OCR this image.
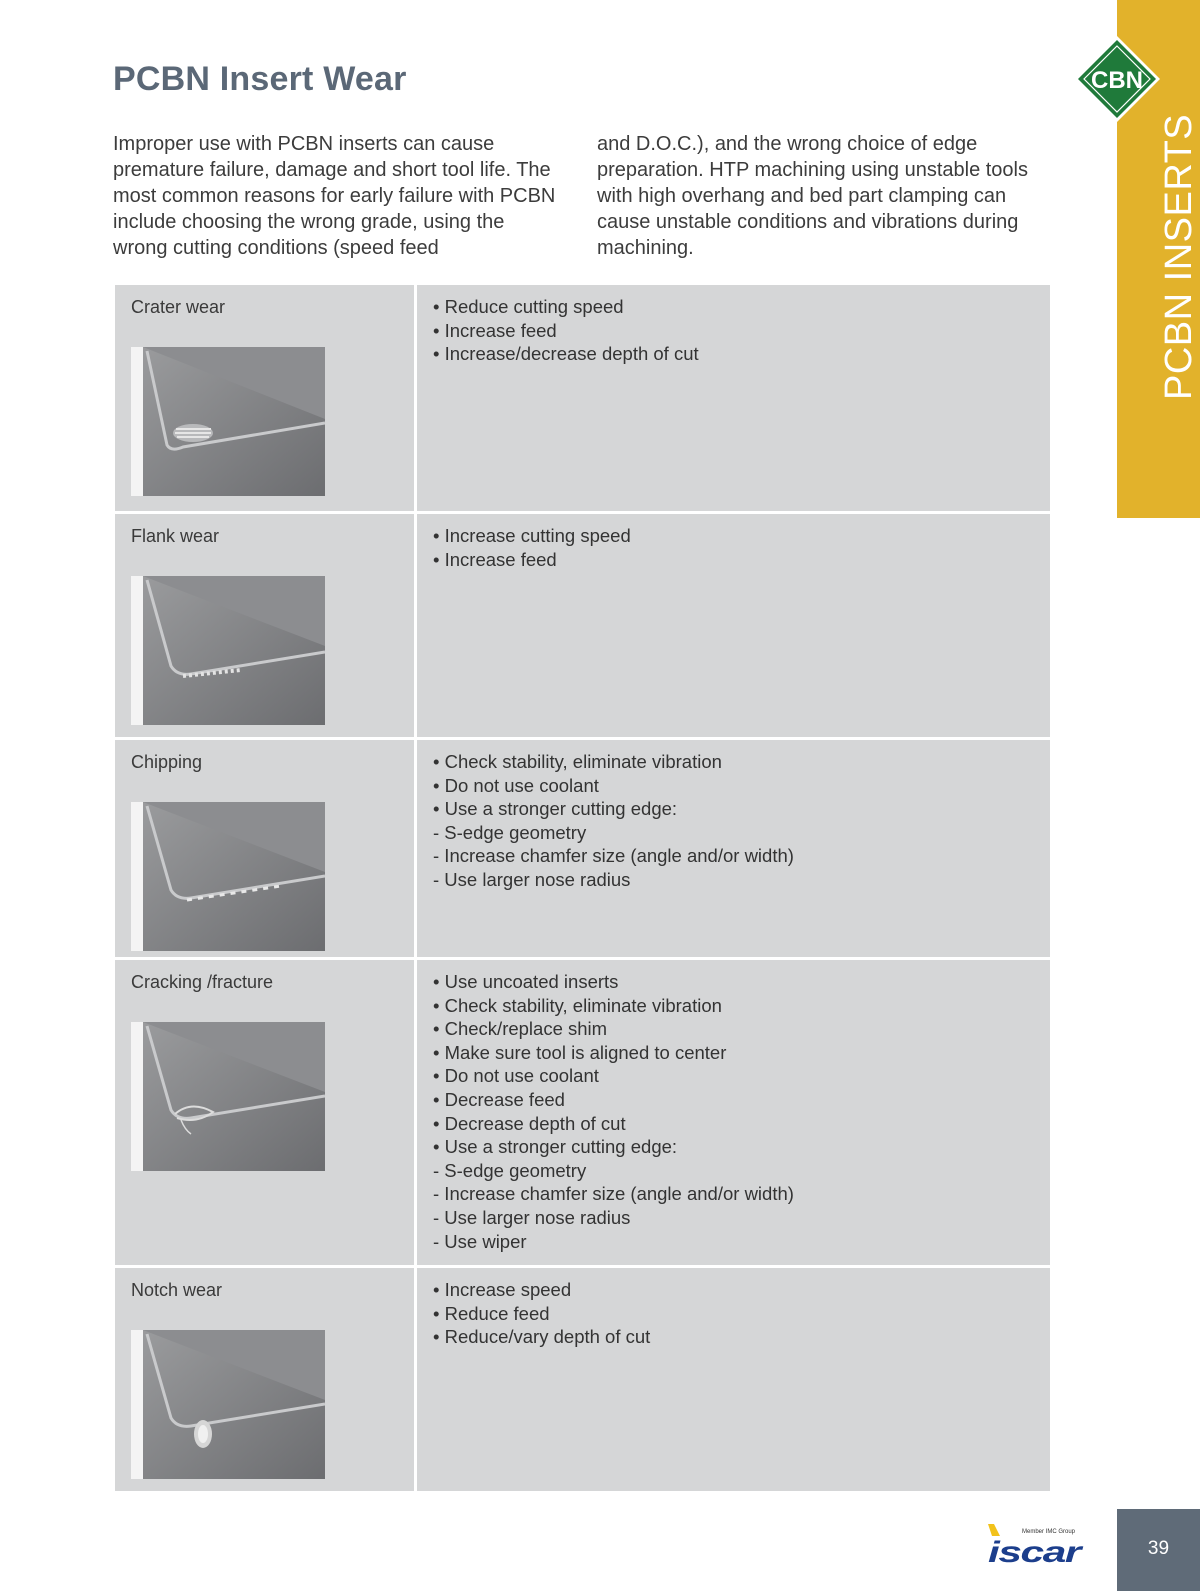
PCBN Insert Wear
Improper use with PCBN inserts can cause premature failure, damage and short tool life. The most common reasons for early failure with PCBN include choosing the wrong grade, using the wrong cutting conditions (speed feed
and D.O.C.), and the wrong choice of edge preparation. HTP machining using unstable tools with high overhang and bed part clamping can cause unstable conditions and vibrations during machining.	PCBN INSERTS
CBN
Crater wear	• Reduce cutting speed
• Increase feed
• Increase/decrease depth of cut
Flank wear	• Increase cutting speed
• Increase feed
Chipping	• Check stability, eliminate vibration
• Do not use coolant
• Use a stronger cutting edge:
- S-edge geometry
- Increase chamfer size (angle and/or width)
- Use larger nose radius
Cracking /fracture	• Use uncoated inserts
• Check stability, eliminate vibration
• Check/replace shim
• Make sure tool is aligned to center
• Do not use coolant
• Decrease feed
• Decrease depth of cut
• Use a stronger cutting edge:
- S-edge geometry
- Increase chamfer size (angle and/or width)
- Use larger nose radius
- Use wiper
Notch wear	• Increase speed
• Reduce feed
• Reduce/vary depth of cut
Member IMC Group
iscar	39
